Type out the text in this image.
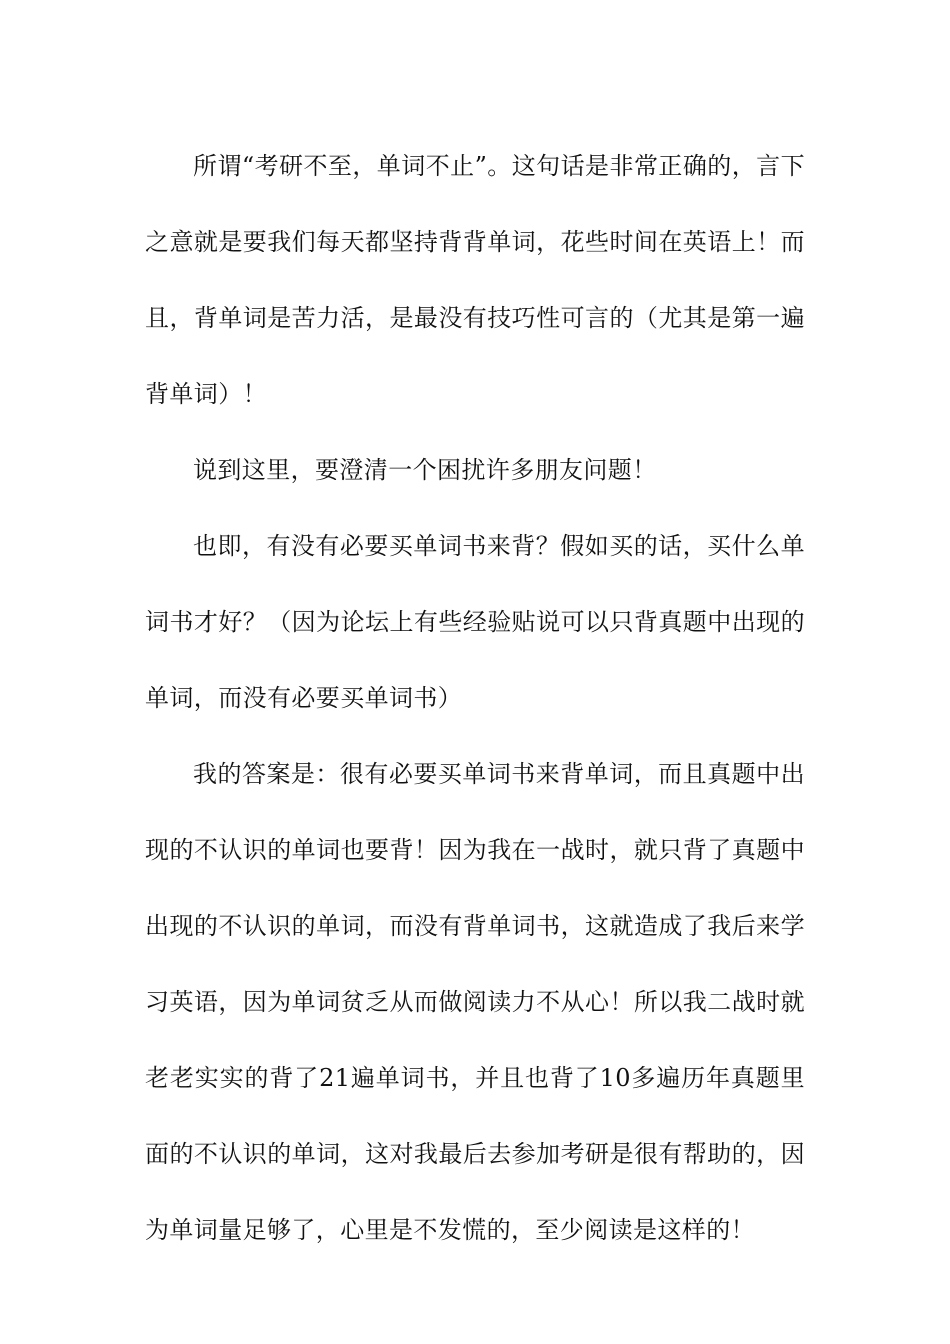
所谓“考研不至，单词不止”。这句话是非常正确的，言下之意就是要我们每天都坚持背背单词，花些时间在英语上！而且，背单词是苦力活，是最没有技巧性可言的（尤其是第一遍背单词）！

说到这里，要澄清一个困扰许多朋友问题！

也即，有没有必要买单词书来背？假如买的话，买什么单词书才好？（因为论坛上有些经验贴说可以只背真题中出现的单词，而没有必要买单词书）

我的答案是：很有必要买单词书来背单词，而且真题中出现的不认识的单词也要背！因为我在一战时，就只背了真题中出现的不认识的单词，而没有背单词书，这就造成了我后来学习英语，因为单词贫乏从而做阅读力不从心！所以我二战时就老老实实的背了21遍单词书，并且也背了10多遍历年真题里面的不认识的单词，这对我最后去参加考研是很有帮助的，因为单词量足够了，心里是不发慌的，至少阅读是这样的！
